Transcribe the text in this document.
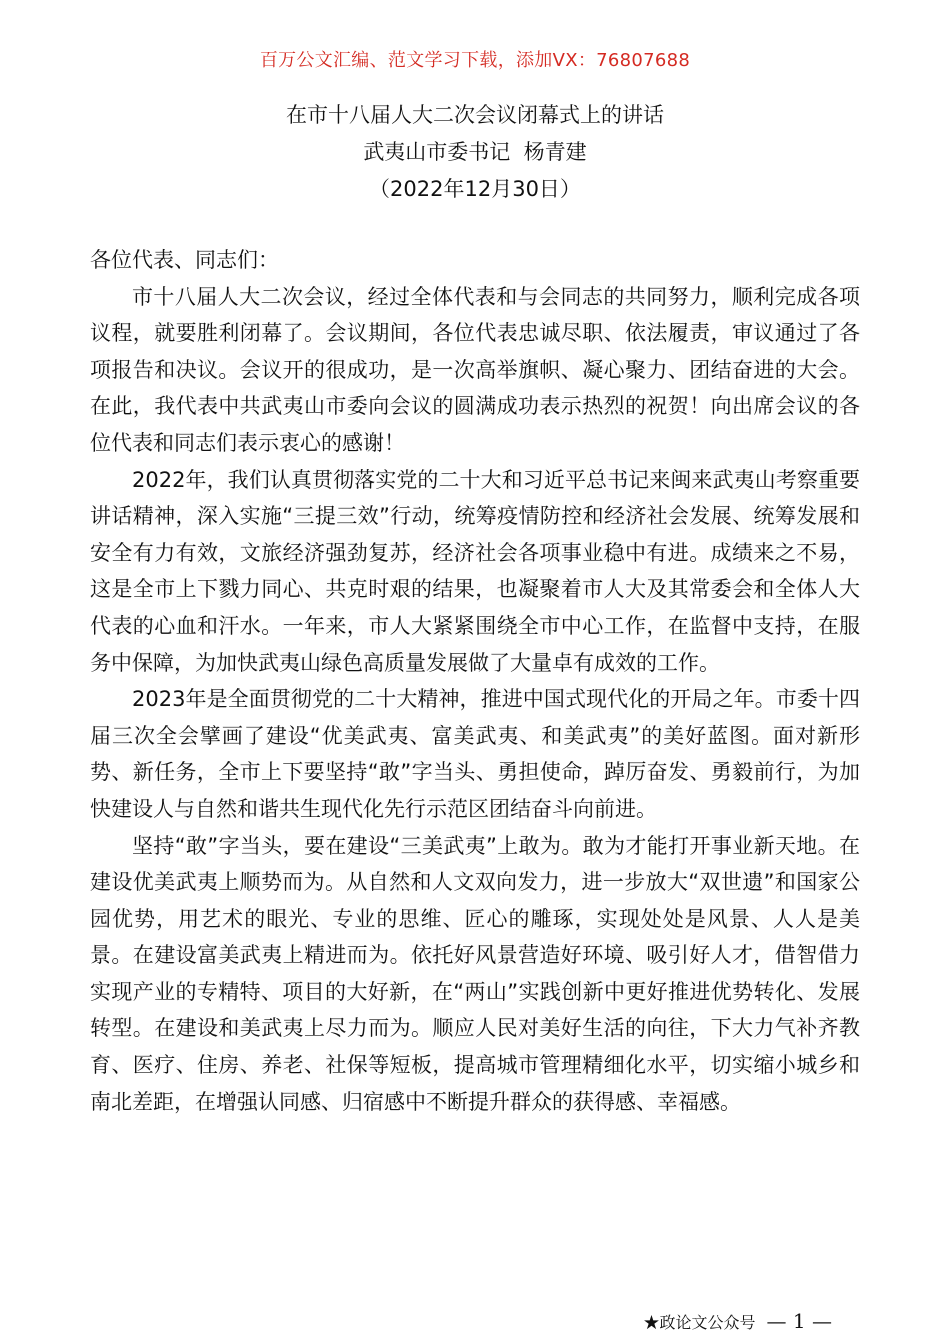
百万公文汇编、范文学习下载，添加VX：76807688
在市十八届人大二次会议闭幕式上的讲话
武夷山市委书记  杨青建
（2022年12月30日）

各位代表、同志们：

市十八届人大二次会议，经过全体代表和与会同志的共同努力，顺利完成各项议程，就要胜利闭幕了。会议期间，各位代表忠诚尽职、依法履责，审议通过了各项报告和决议。会议开的很成功，是一次高举旗帜、凝心聚力、团结奋进的大会。在此，我代表中共武夷山市委向会议的圆满成功表示热烈的祝贺！向出席会议的各位代表和同志们表示衷心的感谢！

2022年，我们认真贯彻落实党的二十大和习近平总书记来闽来武夷山考察重要讲话精神，深入实施“三提三效”行动，统筹疫情防控和经济社会发展、统筹发展和安全有力有效，文旅经济强劲复苏，经济社会各项事业稳中有进。成绩来之不易，这是全市上下戮力同心、共克时艰的结果，也凝聚着市人大及其常委会和全体人大代表的心血和汗水。一年来，市人大紧紧围绕全市中心工作，在监督中支持，在服务中保障，为加快武夷山绿色高质量发展做了大量卓有成效的工作。

2023年是全面贯彻党的二十大精神，推进中国式现代化的开局之年。市委十四届三次全会擘画了建设“优美武夷、富美武夷、和美武夷”的美好蓝图。面对新形势、新任务，全市上下要坚持“敢”字当头、勇担使命，踔厉奋发、勇毅前行，为加快建设人与自然和谐共生现代化先行示范区团结奋斗向前进。

坚持“敢”字当头，要在建设“三美武夷”上敢为。敢为才能打开事业新天地。在建设优美武夷上顺势而为。从自然和人文双向发力，进一步放大“双世遗”和国家公园优势，用艺术的眼光、专业的思维、匠心的雕琢，实现处处是风景、人人是美景。在建设富美武夷上精进而为。依托好风景营造好环境、吸引好人才，借智借力实现产业的专精特、项目的大好新，在“两山”实践创新中更好推进优势转化、发展转型。在建设和美武夷上尽力而为。顺应人民对美好生活的向往，下大力气补齐教育、医疗、住房、养老、社保等短板，提高城市管理精细化水平，切实缩小城乡和南北差距，在增强认同感、归宿感中不断提升群众的获得感、幸福感。

★政论文公众号 — 1 —
